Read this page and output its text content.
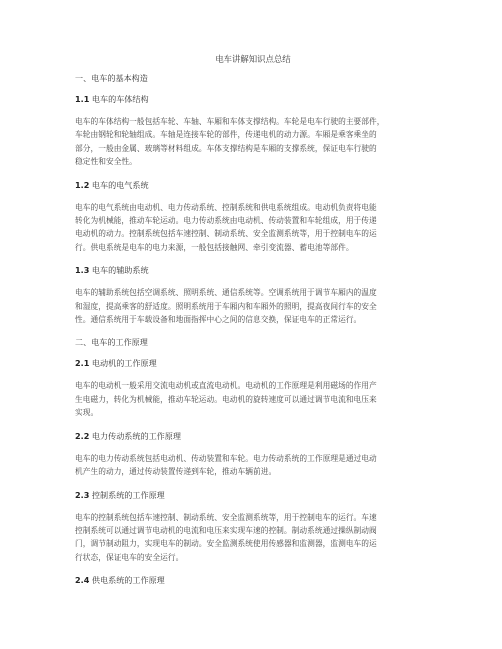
电车讲解知识点总结
一、电车的基本构造
1.1 电车的车体结构
电车的车体结构一般包括车轮、车轴、车厢和车体支撑结构。车轮是电车行驶的主要部件，
车轮由钢轮和轮轴组成。车轴是连接车轮的部件，传递电机的动力源。车厢是乘客乘坐的
部分，一般由金属、玻璃等材料组成。车体支撑结构是车厢的支撑系统，保证电车行驶的
稳定性和安全性。
1.2 电车的电气系统
电车的电气系统由电动机、电力传动系统、控制系统和供电系统组成。电动机负责将电能
转化为机械能，推动车轮运动。电力传动系统由电动机、传动装置和车轮组成，用于传递
电动机的动力。控制系统包括车速控制、制动系统、安全监测系统等，用于控制电车的运
行。供电系统是电车的电力来源，一般包括接触网、牵引变流器、蓄电池等部件。
1.3 电车的辅助系统
电车的辅助系统包括空调系统、照明系统、通信系统等。空调系统用于调节车厢内的温度
和湿度，提高乘客的舒适度。照明系统用于车厢内和车厢外的照明，提高夜间行车的安全
性。通信系统用于车载设备和地面指挥中心之间的信息交换，保证电车的正常运行。
二、电车的工作原理
2.1 电动机的工作原理
电车的电动机一般采用交流电动机或直流电动机。电动机的工作原理是利用磁场的作用产
生电磁力，转化为机械能，推动车轮运动。电动机的旋转速度可以通过调节电流和电压来
实现。
2.2 电力传动系统的工作原理
电车的电力传动系统包括电动机、传动装置和车轮。电力传动系统的工作原理是通过电动
机产生的动力，通过传动装置传递到车轮，推动车辆前进。
2.3 控制系统的工作原理
电车的控制系统包括车速控制、制动系统、安全监测系统等，用于控制电车的运行。车速
控制系统可以通过调节电动机的电流和电压来实现车速的控制。制动系统通过操纵制动阀
门，调节制动阻力，实现电车的制动。安全监测系统使用传感器和监测器，监测电车的运
行状态，保证电车的安全运行。
2.4 供电系统的工作原理
